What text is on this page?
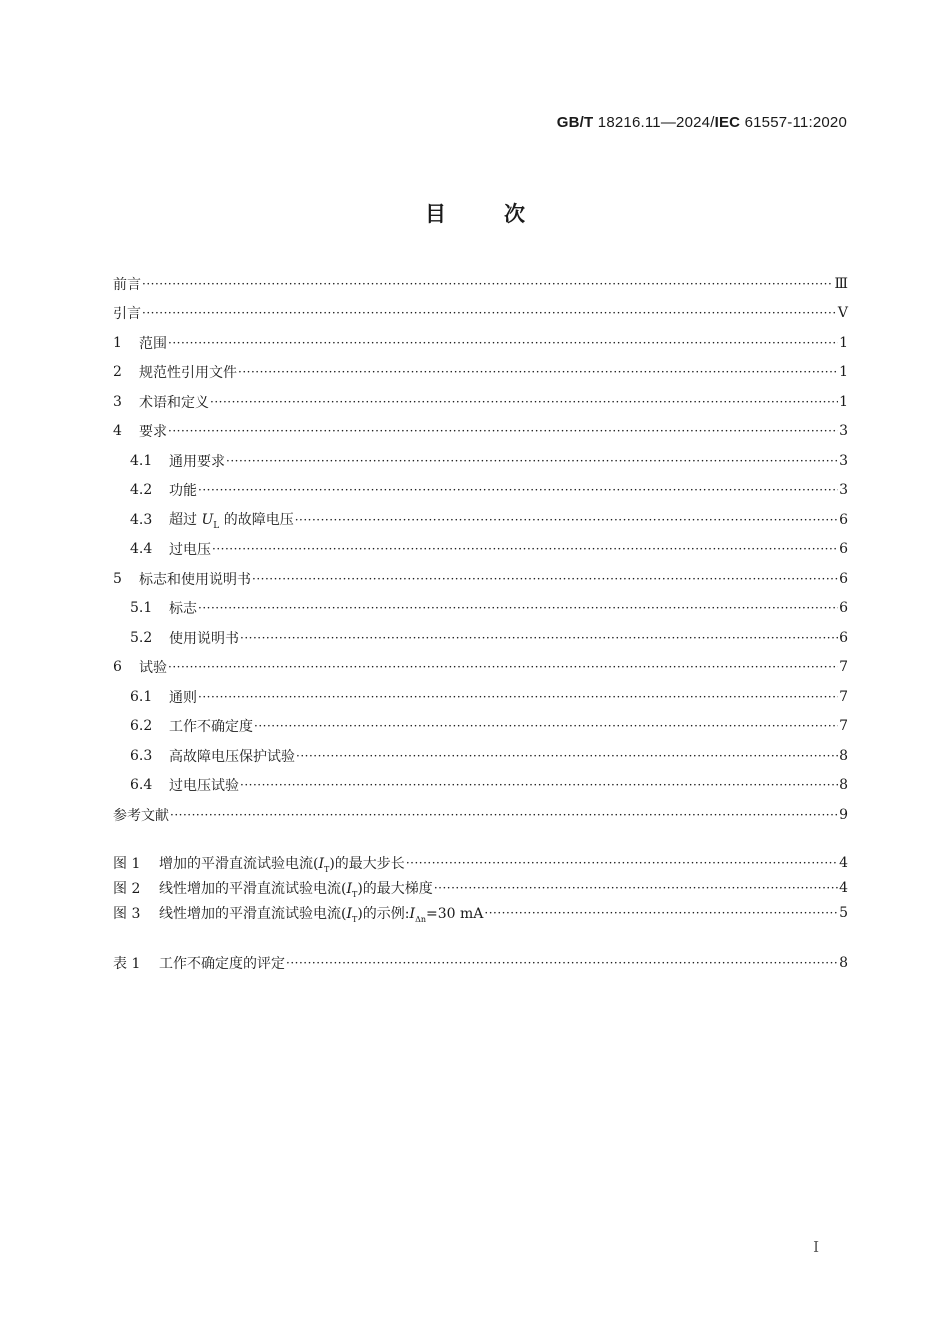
GB/T 18216.11—2024/IEC 61557-11:2020
目次
前言 ·····	Ⅲ
引言 ·····	Ⅴ
1	范围 ·····	1
2	规范性引用文件 ·····	1
3	术语和定义 ·····	1
4	要求 ·····	3
4.1	通用要求 ·····	3
4.2	功能 ·····	3
4.3	超过 $U_L$ 的故障电压 ·····	6
4.4	过电压 ·····	6
5	标志和使用说明书 ·····	6
5.1	标志 ·····	6
5.2	使用说明书 ·····	6
6	试验 ·····	7
6.1	通则 ·····	7
6.2	工作不确定度 ·····	7
6.3	高故障电压保护试验 ·····	8
6.4	过电压试验 ·····	8
参考文献 ·····	9
图 1	增加的平滑直流试验电流$(I_T)$的最大步长 ·····	4
图 2	线性增加的平滑直流试验电流$(I_T)$的最大梯度 ·····	4
图 3	线性增加的平滑直流试验电流$(I_T)$的示例$:I_{\Delta n}=30$ mA ·····	5
表 1	工作不确定度的评定 ·····	8
Ⅰ
